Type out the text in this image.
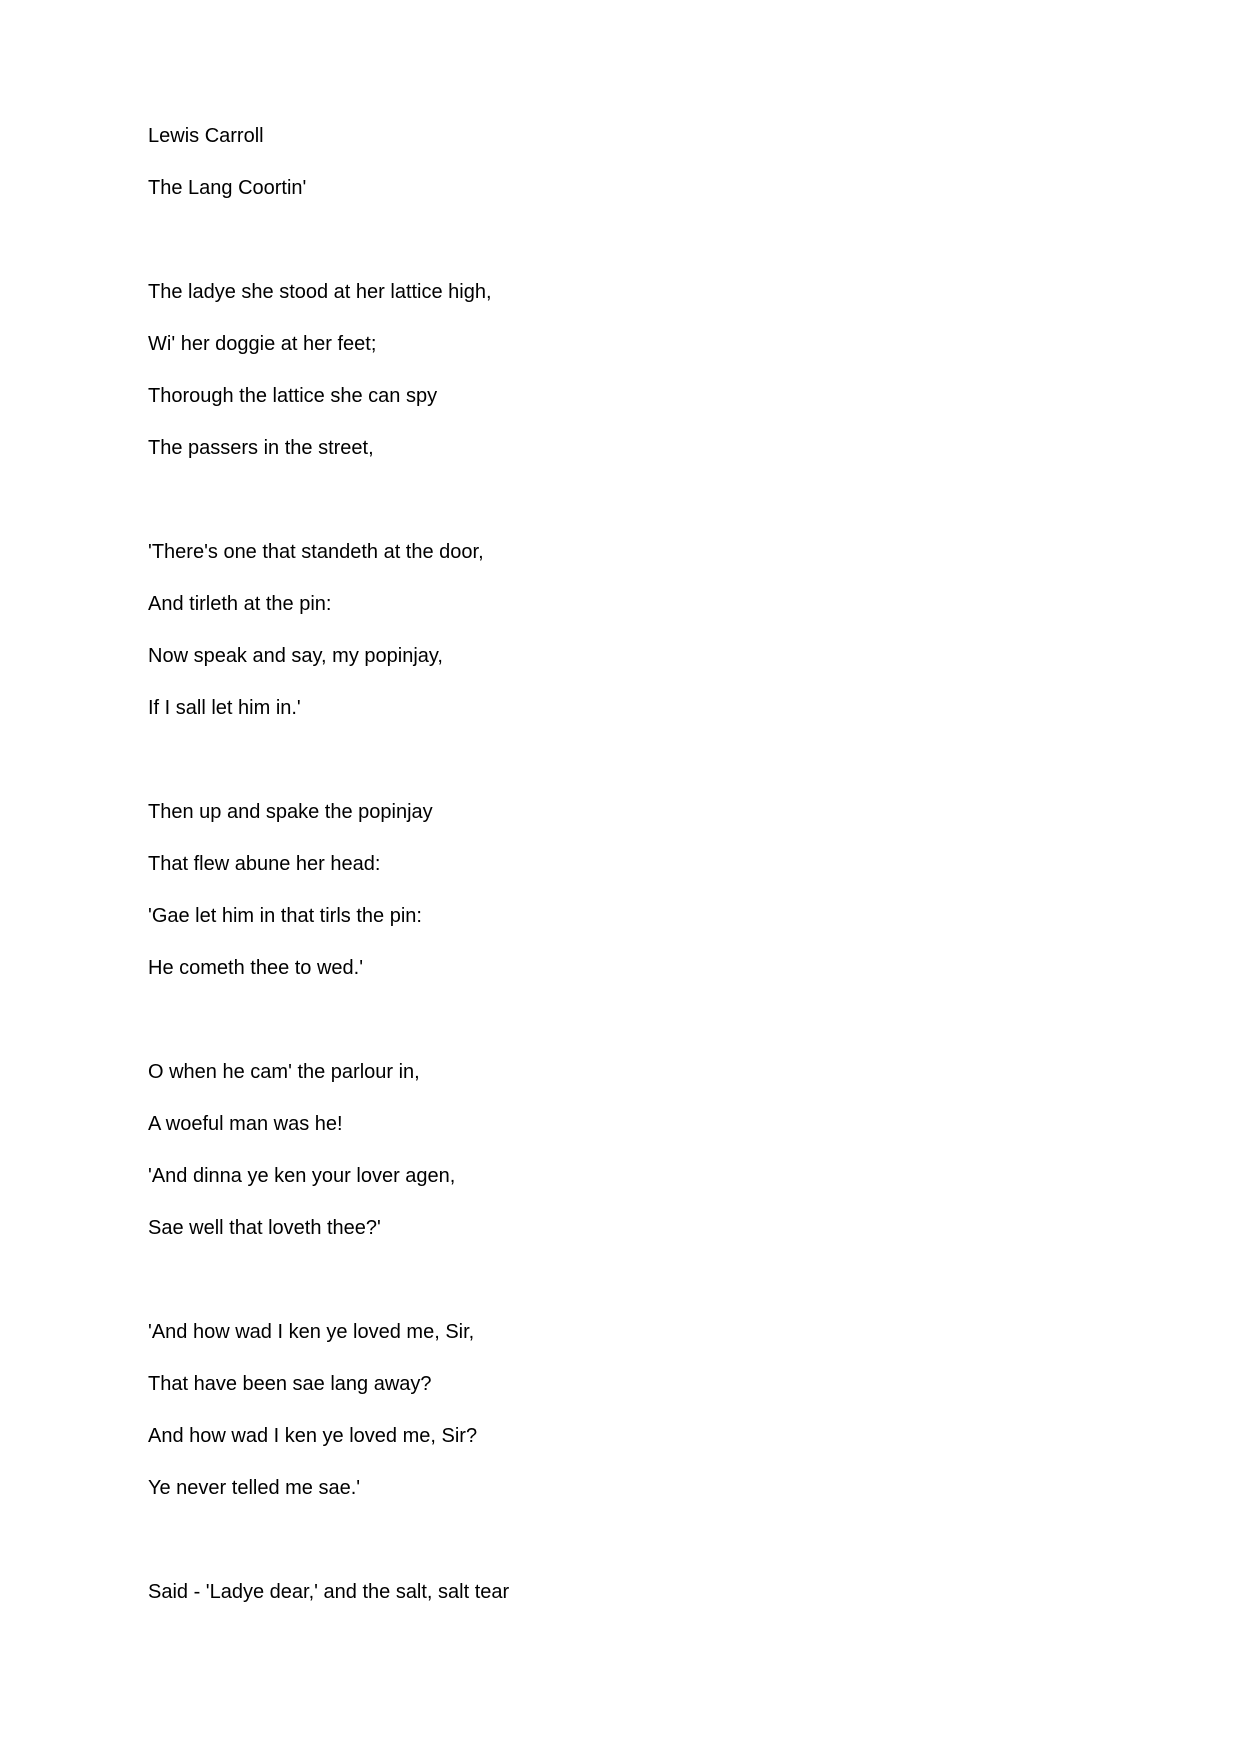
Lewis Carroll
The Lang Coortin'
The ladye she stood at her lattice high,
Wi' her doggie at her feet;
Thorough the lattice she can spy
The passers in the street,
'There's one that standeth at the door,
And tirleth at the pin:
Now speak and say, my popinjay,
If I sall let him in.'
Then up and spake the popinjay
That flew abune her head:
'Gae let him in that tirls the pin:
He cometh thee to wed.'
O when he cam' the parlour in,
A woeful man was he!
'And dinna ye ken your lover agen,
Sae well that loveth thee?'
'And how wad I ken ye loved me, Sir,
That have been sae lang away?
And how wad I ken ye loved me, Sir?
Ye never telled me sae.'
Said - 'Ladye dear,' and the salt, salt tear
